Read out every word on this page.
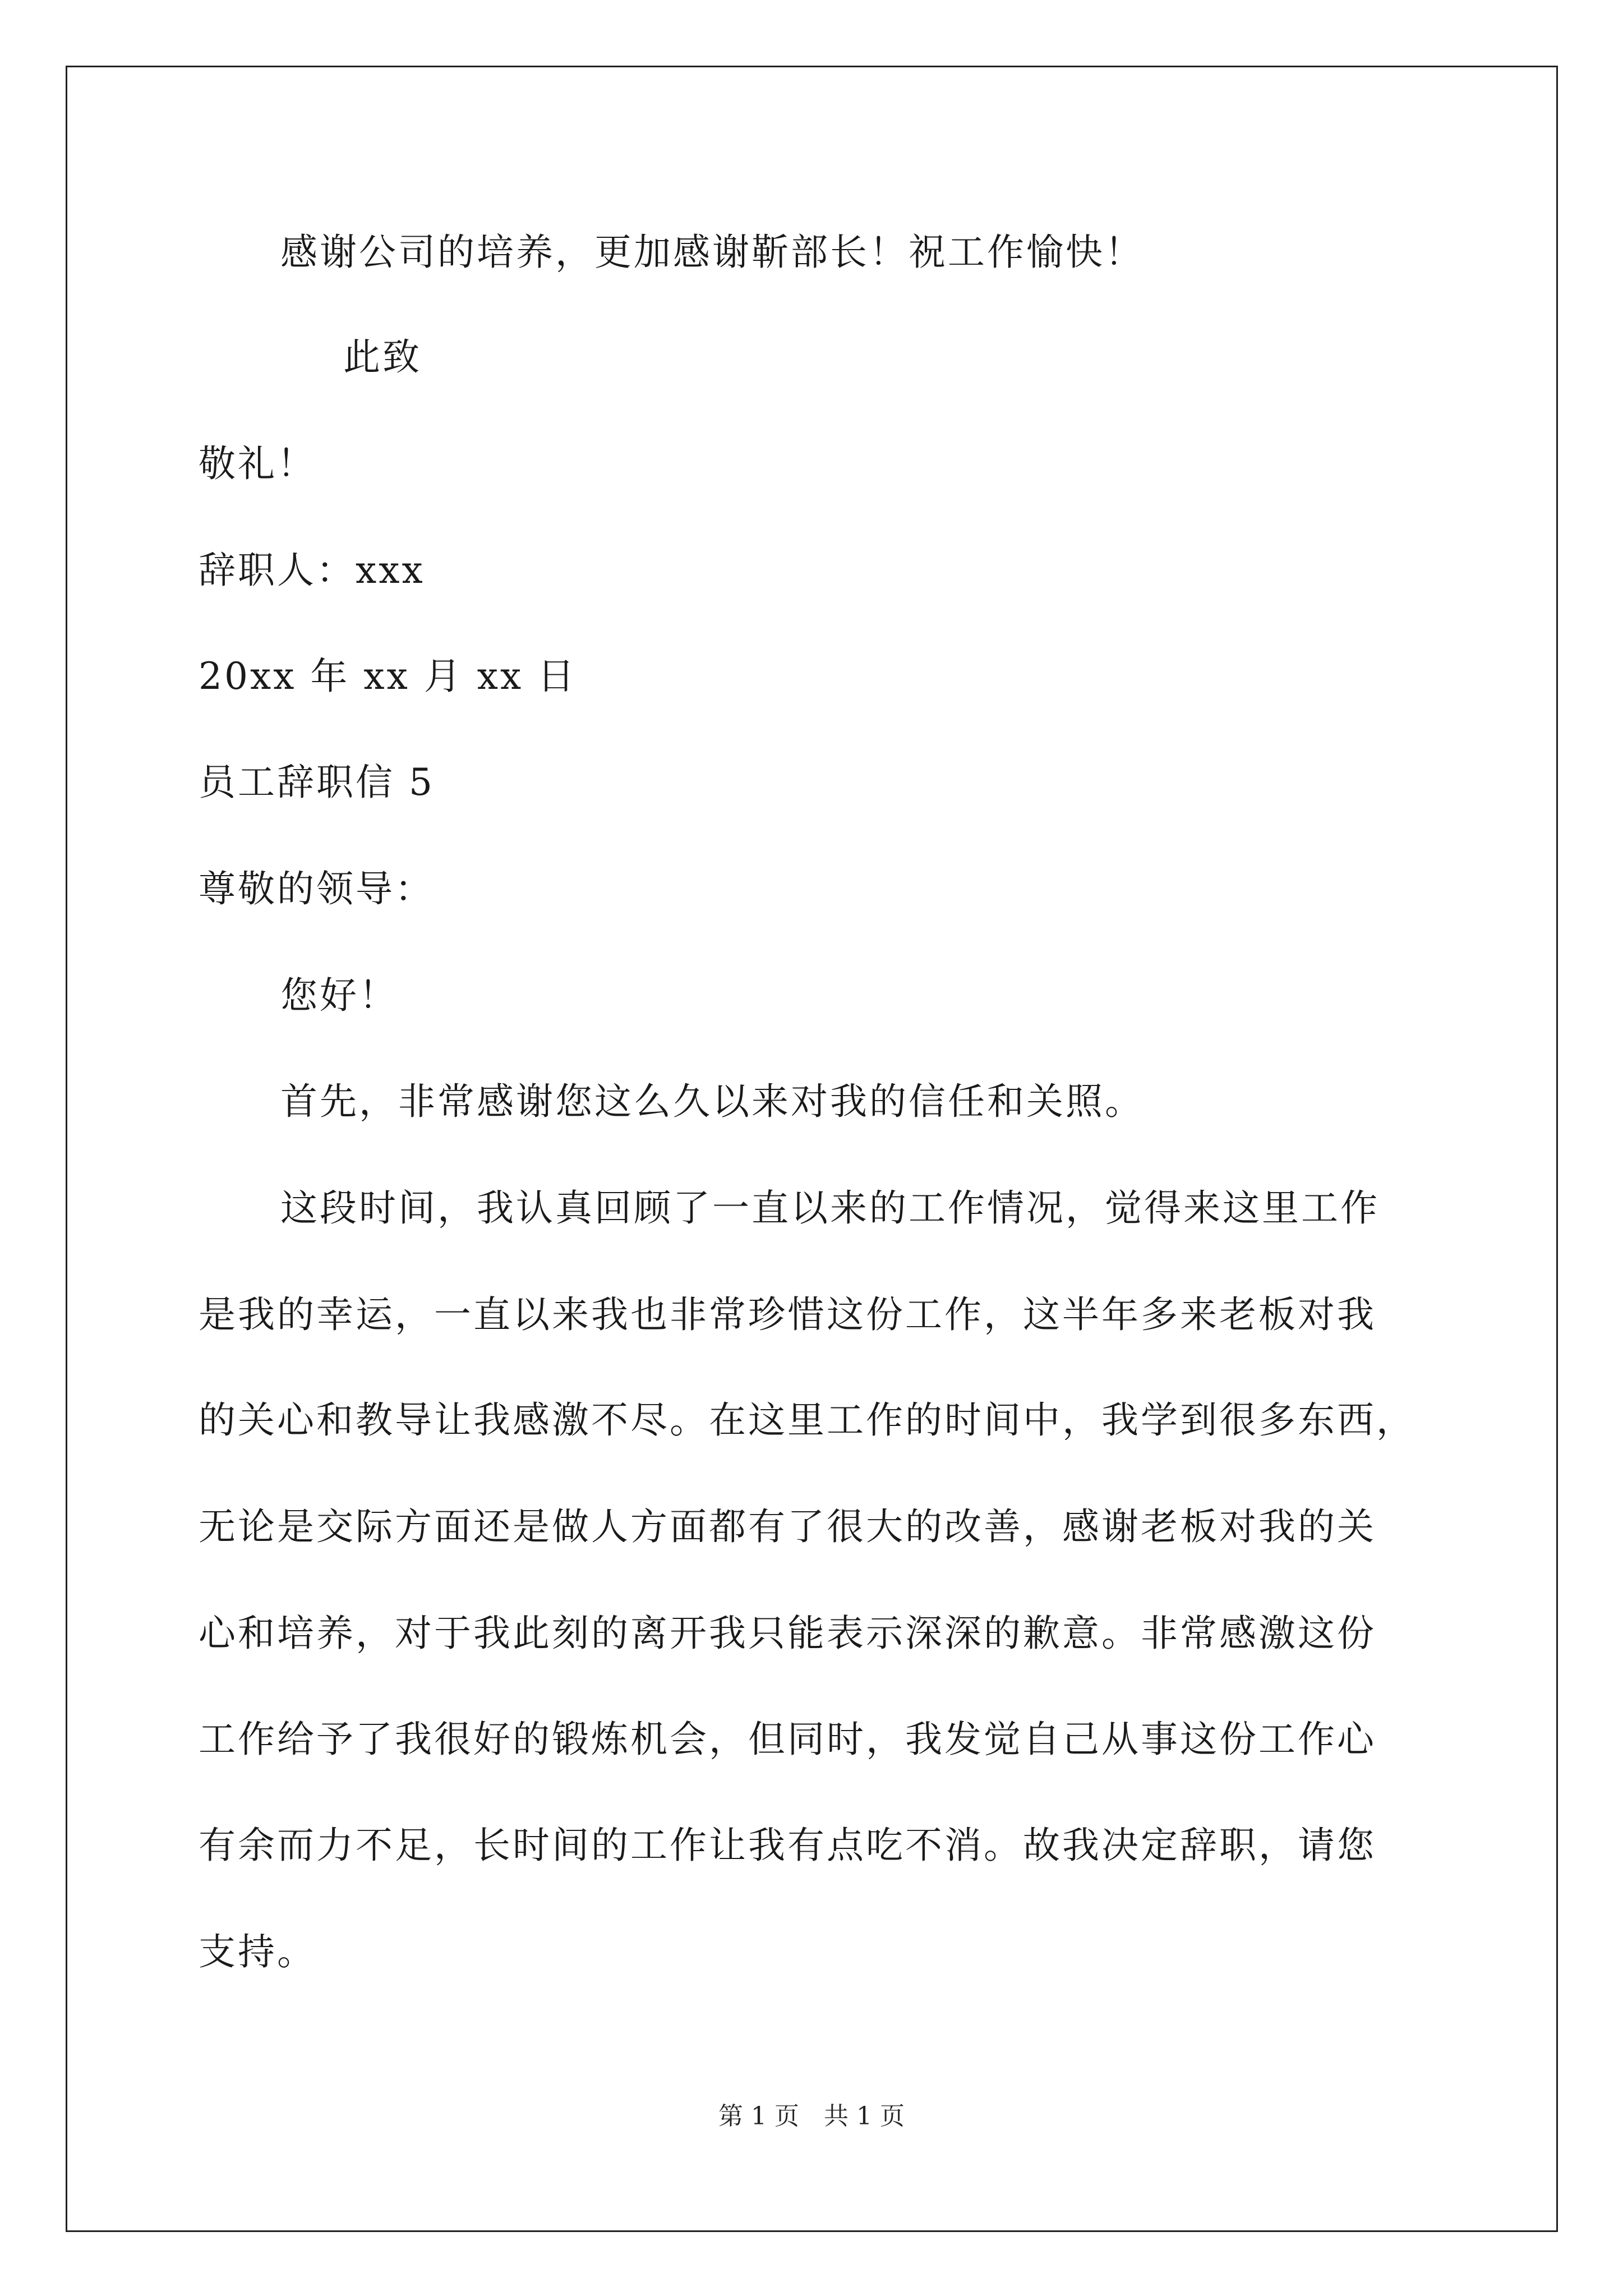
感谢公司的培养，更加感谢靳部长！祝工作愉快！
此致
敬礼！
辞职人：xxx
20xx 年 xx 月 xx 日
员工辞职信 5
尊敬的领导：
您好！
首先，非常感谢您这么久以来对我的信任和关照。
这段时间，我认真回顾了一直以来的工作情况，觉得来这里工作
是我的幸运，一直以来我也非常珍惜这份工作，这半年多来老板对我
的关心和教导让我感激不尽。在这里工作的时间中，我学到很多东西，
无论是交际方面还是做人方面都有了很大的改善，感谢老板对我的关
心和培养，对于我此刻的离开我只能表示深深的歉意。非常感激这份
工作给予了我很好的锻炼机会，但同时，我发觉自己从事这份工作心
有余而力不足，长时间的工作让我有点吃不消。故我决定辞职，请您
支持。
第 1 页　共 1 页
